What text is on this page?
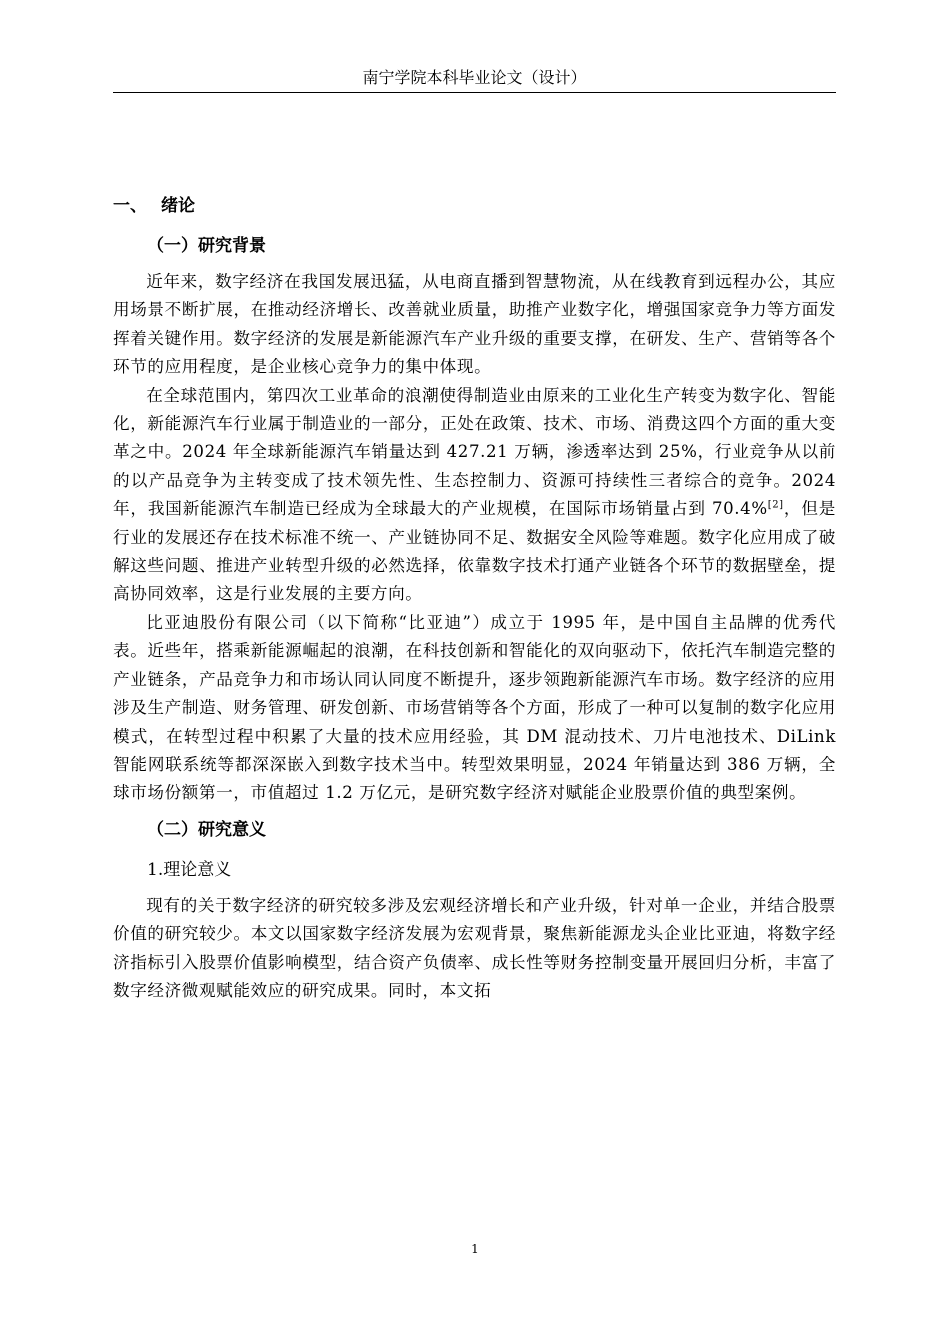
南宁学院本科毕业论文（设计）
一、 绪论
（一）研究背景

近年来，数字经济在我国发展迅猛，从电商直播到智慧物流，从在线教育到远程办公，其应用场景不断扩展，在推动经济增长、改善就业质量，助推产业数字化，增强国家竞争力等方面发挥着关键作用。数字经济的发展是新能源汽车产业升级的重要支撑，在研发、生产、营销等各个环节的应用程度，是企业核心竞争力的集中体现。

在全球范围内，第四次工业革命的浪潮使得制造业由原来的工业化生产转变为数字化、智能化，新能源汽车行业属于制造业的一部分，正处在政策、技术、市场、消费这四个方面的重大变革之中。2024 年全球新能源汽车销量达到 427.21 万辆，渗透率达到 25%，行业竞争从以前的以产品竞争为主转变成了技术领先性、生态控制力、资源可持续性三者综合的竞争。2024 年，我国新能源汽车制造已经成为全球最大的产业规模，在国际市场销量占到 70.4%[2]，但是行业的发展还存在技术标准不统一、产业链协同不足、数据安全风险等难题。数字化应用成了破解这些问题、推进产业转型升级的必然选择，依靠数字技术打通产业链各个环节的数据壁垒，提高协同效率，这是行业发展的主要方向。

比亚迪股份有限公司（以下简称“比亚迪”）成立于 1995 年，是中国自主品牌的优秀代表。近些年，搭乘新能源崛起的浪潮，在科技创新和智能化的双向驱动下，依托汽车制造完整的产业链条，产品竞争力和市场认同认同度不断提升，逐步领跑新能源汽车市场。数字经济的应用涉及生产制造、财务管理、研发创新、市场营销等各个方面，形成了一种可以复制的数字化应用模式，在转型过程中积累了大量的技术应用经验，其 DM 混动技术、刀片电池技术、DiLink 智能网联系统等都深深嵌入到数字技术当中。转型效果明显，2024 年销量达到 386 万辆，全球市场份额第一，市值超过 1.2 万亿元，是研究数字经济对赋能企业股票价值的典型案例。

（二）研究意义
1.理论意义

现有的关于数字经济的研究较多涉及宏观经济增长和产业升级，针对单一企业，并结合股票价值的研究较少。本文以国家数字经济发展为宏观背景，聚焦新能源龙头企业比亚迪，将数字经济指标引入股票价值影响模型，结合资产负债率、成长性等财务控制变量开展回归分析，丰富了数字经济微观赋能效应的研究成果。同时，本文拓

1
